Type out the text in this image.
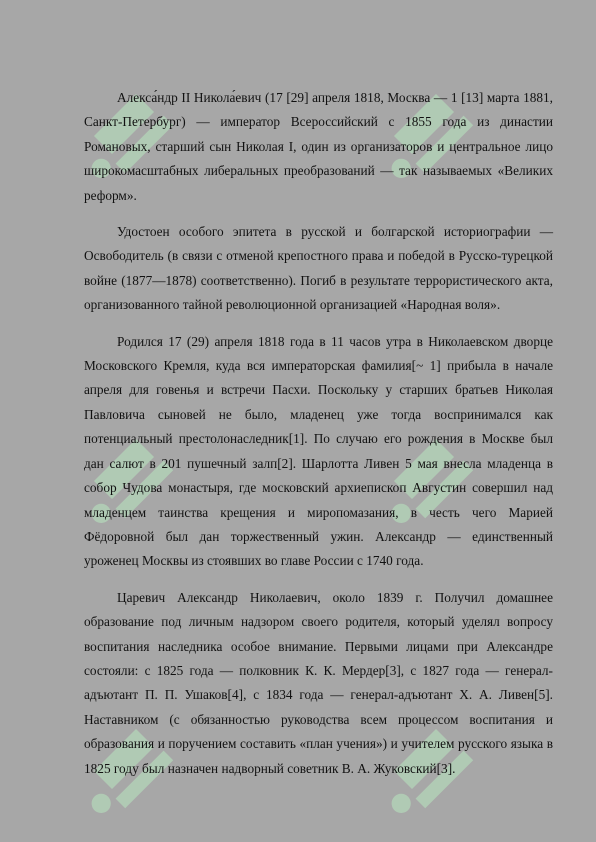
Алекса́ндр II Никола́евич (17 [29] апреля 1818, Москва — 1 [13] марта 1881, Санкт-Петербург) — император Всероссийский с 1855 года из династии Романовых, старший сын Николая I, один из организаторов и центральное лицо широкомасштабных либеральных преобразований — так называемых «Великих реформ».

Удостоен особого эпитета в русской и болгарской историографии — Освободитель (в связи с отменой крепостного права и победой в Русско-турецкой войне (1877—1878) соответственно). Погиб в результате террористического акта, организованного тайной революционной организацией «Народная воля».

Родился 17 (29) апреля 1818 года в 11 часов утра в Николаевском дворце Московского Кремля, куда вся императорская фамилия[~ 1] прибыла в начале апреля для говенья и встречи Пасхи. Поскольку у старших братьев Николая Павловича сыновей не было, младенец уже тогда воспринимался как потенциальный престолонаследник[1]. По случаю его рождения в Москве был дан салют в 201 пушечный залп[2]. Шарлотта Ливен 5 мая внесла младенца в собор Чудова монастыря, где московский архиепископ Августин совершил над младенцем таинства крещения и миропомазания, в честь чего Марией Фёдоровной был дан торжественный ужин. Александр — единственный уроженец Москвы из стоявших во главе России с 1740 года.

Царевич Александр Николаевич, около 1839 г. Получил домашнее образование под личным надзором своего родителя, который уделял вопросу воспитания наследника особое внимание. Первыми лицами при Александре состояли: с 1825 года — полковник К. К. Мердер[3], с 1827 года — генерал-адъютант П. П. Ушаков[4], с 1834 года — генерал-адъютант Х. А. Ливен[5]. Наставником (с обязанностью руководства всем процессом воспитания и образования и поручением составить «план учения») и учителем русского языка в 1825 году был назначен надворный советник В. А. Жуковский[3].
